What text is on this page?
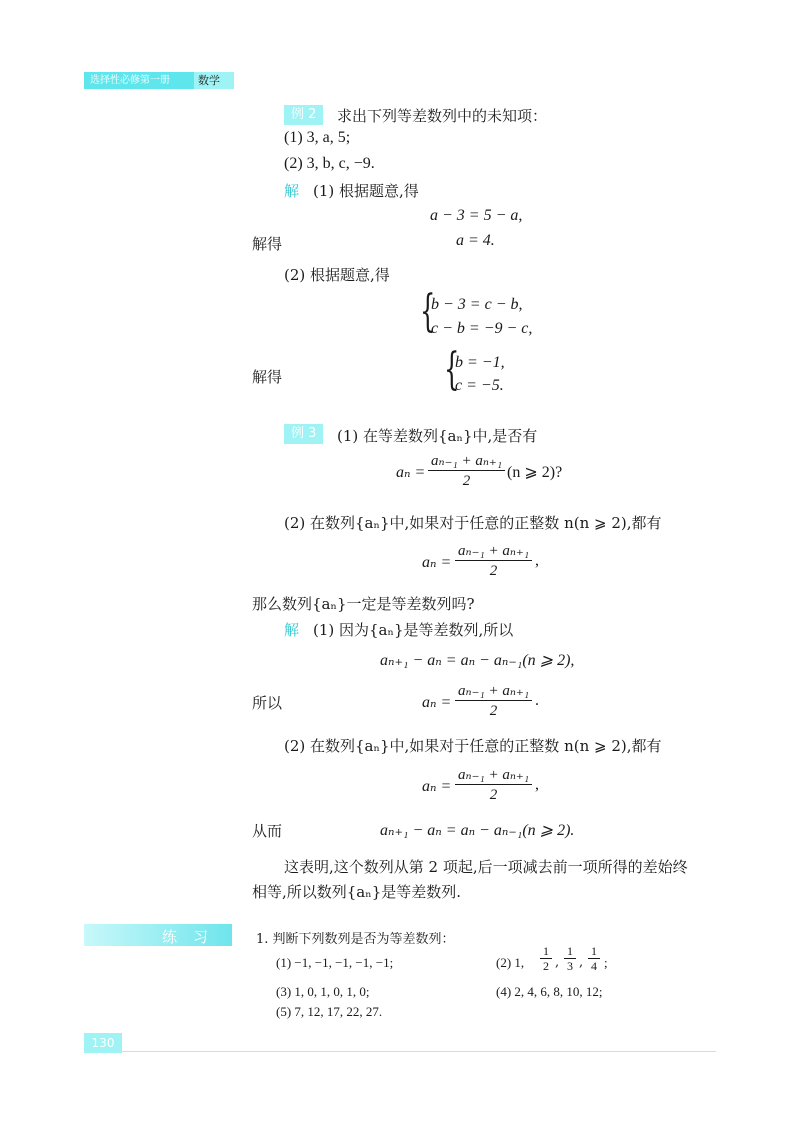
选择性必修第一册	数学
例 2	求出下列等差数列中的未知项：
(1) 3, a, 5;
(2) 3, b, c, −9.
解 (1) 根据题意,得
a − 3 = 5 − a,
解得	a = 4.
(2) 根据题意,得
{
b − 3 = c − b,
c − b = −9 − c,
解得	{
b = −1,
c = −5.
例 3	(1) 在等差数列{aₙ}中,是否有
aₙ =
aₙ₋₁ + aₙ₊₁
2	(n ⩾ 2)?
(2) 在数列{aₙ}中,如果对于任意的正整数 n(n ⩾ 2),都有
aₙ =
aₙ₋₁ + aₙ₊₁
2
,
那么数列{aₙ}一定是等差数列吗?
解 (1) 因为{aₙ}是等差数列,所以
aₙ₊₁ − aₙ = aₙ − aₙ₋₁(n ⩾ 2),
所以	aₙ =
aₙ₋₁ + aₙ₊₁
2
.
(2) 在数列{aₙ}中,如果对于任意的正整数 n(n ⩾ 2),都有
aₙ =
aₙ₋₁ + aₙ₊₁
2
,
从而	aₙ₊₁ − aₙ = aₙ − aₙ₋₁(n ⩾ 2).
这表明,这个数列从第 2 项起,后一项减去前一项所得的差始终
相等,所以数列{aₙ}是等差数列.
练习 1. 判断下列数列是否为等差数列：
(1) −1, −1, −1, −1, −1;	(2) 1,
1
2 ,
1
3 ,
1
4 ;
(3) 1, 0, 1, 0, 1, 0;	(4) 2, 4, 6, 8, 10, 12;
(5) 7, 12, 17, 22, 27.
130
